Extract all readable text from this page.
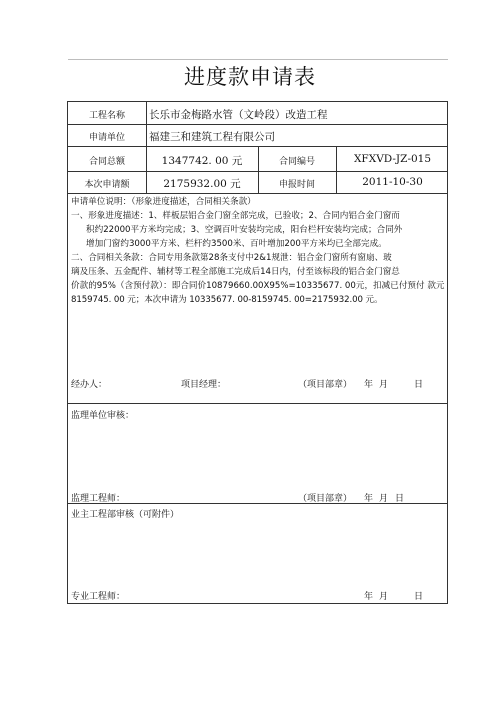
进度款申请表
工程名称	长乐市金梅路水管（文岭段）改造工程
申请单位	福建三和建筑工程有限公司
合同总额	1347742. 00 元	合同编号	XFXVD-JZ-015
本次申请额	2175932.00 元	申报时间	2011-10-30
申请单位说明：（形象进度描述，合同相关条款）
一、形象进度描述：1、样板层铝合金门窗全部完成，已验收；2、合同内铝合金门窗而
积约22000平方米均完成；3、空调百叶安装均完成，阳台栏杆安装均完成；合同外
增加门窗约3000平方米、栏杆约3500米、百叶增加200平方米均已全部完成。
二、合同相关条款：合同专用条款第28条支付中2&1规泄：铝合金门窗所有窗扇、玻
璃及压条、五金配件、辅材等工程全部施工完成后14日内，付至该标段的铝合金门窗总
价款的95%（含预付款）：即合同价10879660.00X95%=10335677. 00元，扣减已付预付 款元
8159745. 00 元；本次申请为 10335677. 00-8159745. 00=2175932.00 元。
经办人：	项目经理：	（项目部章） 年 月	日
监理单位审核：
监理工程师：	（项目部章） 年 月 日
业主工程部审核（可附件）
专业工程师：	年 月	日
